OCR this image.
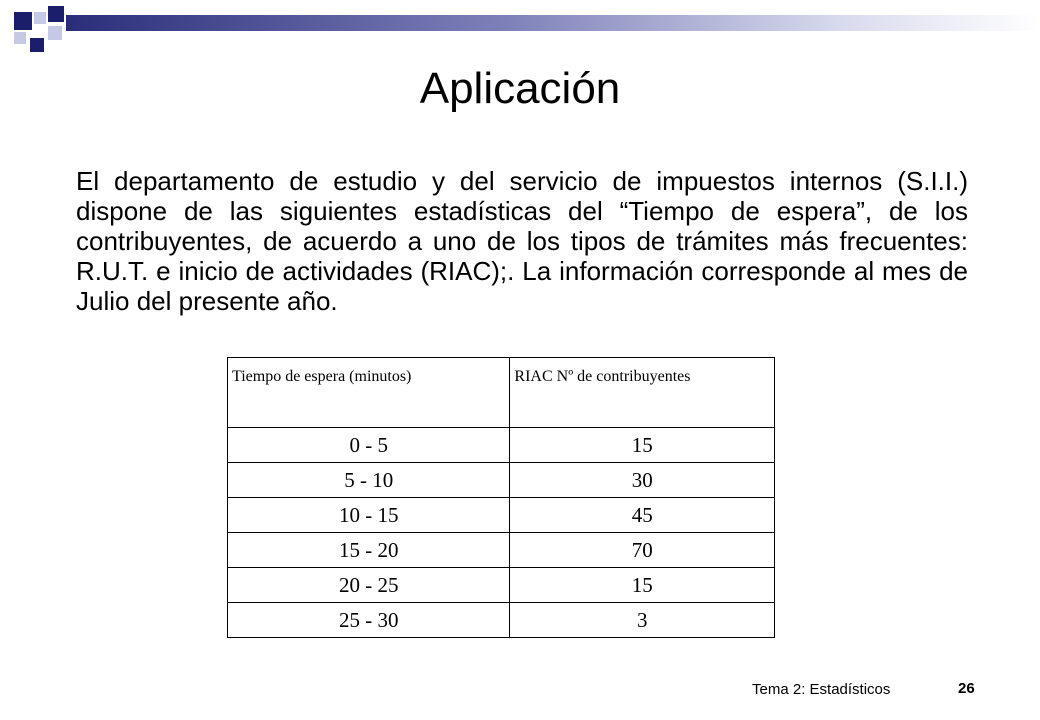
Aplicación

El departamento de estudio y del servicio de impuestos internos (S.I.I.) dispone de las siguientes estadísticas del “Tiempo de espera”, de los contribuyentes, de acuerdo a uno de los tipos de trámites más frecuentes: R.U.T. e inicio de actividades (RIAC);. La información corresponde al mes de Julio del presente año.

Tiempo de espera (minutos)	RIAC Nº de contribuyentes
0 - 5	15
5 - 10	30
10 - 15	45
15 - 20	70
20 - 25	15
25 - 30	3
Tema 2: Estadísticos	26
